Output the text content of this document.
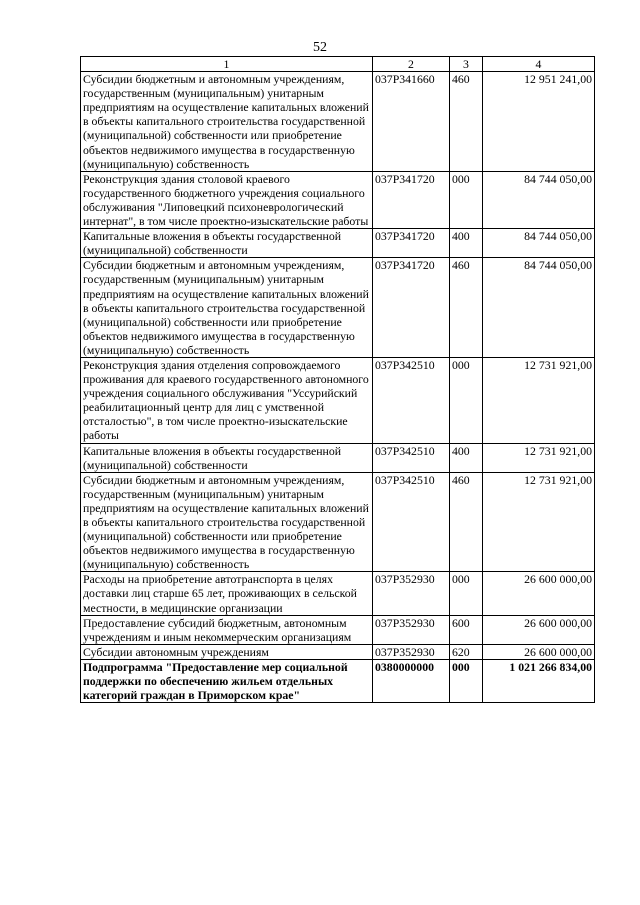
52
1	2	3	4
Субсидии бюджетным и автономным учреждениям, государственным (муниципальным) унитарным предприятиям на осуществление капитальных вложений в объекты капитального строительства государственной (муниципальной) собственности или приобретение объектов недвижимого имущества в государственную (муниципальную) собственность	037P341660	460	12 951 241,00
Реконструкция здания столовой краевого государственного бюджетного учреждения социального обслуживания "Липовецкий психоневрологический интернат", в том числе проектно-изыскательские работы	037P341720	000	84 744 050,00
Капитальные вложения в объекты государственной (муниципальной) собственности	037P341720	400	84 744 050,00
Субсидии бюджетным и автономным учреждениям, государственным (муниципальным) унитарным предприятиям на осуществление капитальных вложений в объекты капитального строительства государственной (муниципальной) собственности или приобретение объектов недвижимого имущества в государственную (муниципальную) собственность	037P341720	460	84 744 050,00
Реконструкция здания отделения сопровождаемого проживания для краевого государственного автономного учреждения социального обслуживания "Уссурийский реабилитационный центр для лиц с умственной отсталостью", в том числе проектно-изыскательские работы	037P342510	000	12 731 921,00
Капитальные вложения в объекты государственной (муниципальной) собственности	037P342510	400	12 731 921,00
Субсидии бюджетным и автономным учреждениям, государственным (муниципальным) унитарным предприятиям на осуществление капитальных вложений в объекты капитального строительства государственной (муниципальной) собственности или приобретение объектов недвижимого имущества в государственную (муниципальную) собственность	037P342510	460	12 731 921,00
Расходы на приобретение автотранспорта в целях доставки лиц старше 65 лет, проживающих в сельской местности, в медицинские организации	037P352930	000	26 600 000,00
Предоставление субсидий бюджетным, автономным учреждениям и иным некоммерческим организациям	037P352930	600	26 600 000,00
Субсидии автономным учреждениям	037P352930	620	26 600 000,00
Подпрограмма "Предоставление мер социальной поддержки по обеспечению жильем отдельных категорий граждан в Приморском крае"	0380000000	000	1 021 266 834,00
